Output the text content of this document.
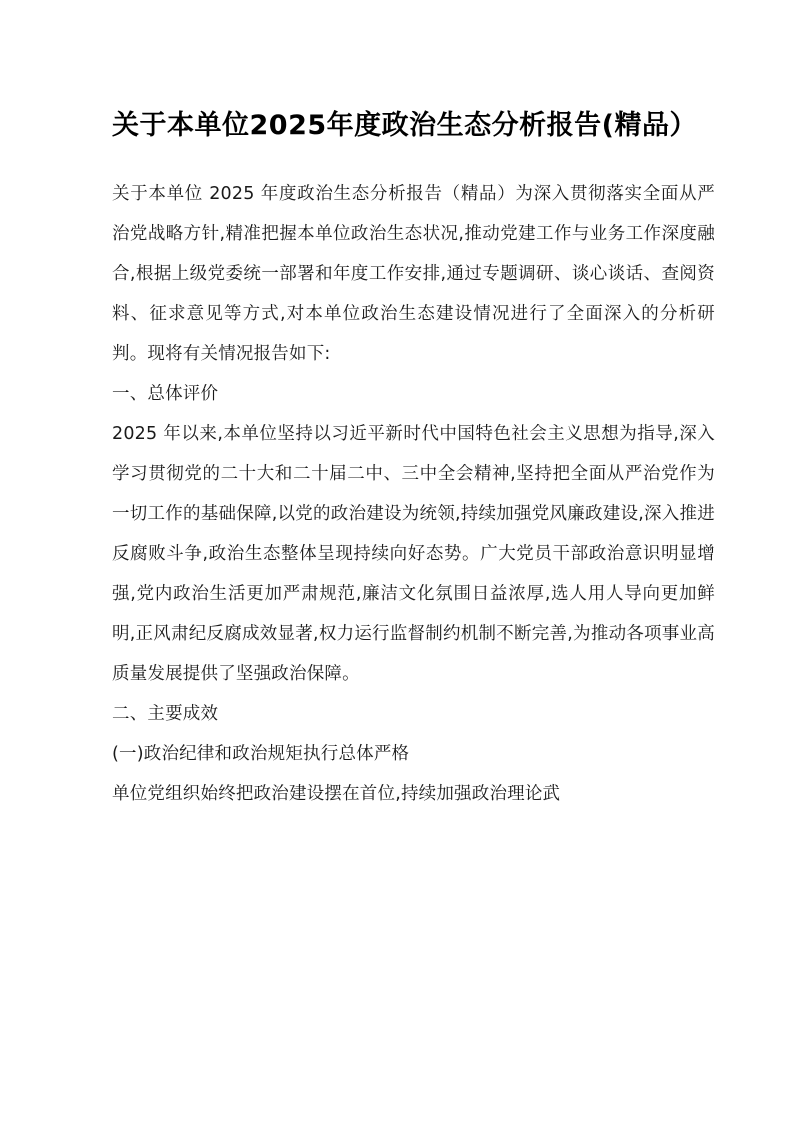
关于本单位2025年度政治生态分析报告(精品）

关于本单位 2025 年度政治生态分析报告（精品）为深入贯彻落实全面从严治党战略方针,精准把握本单位政治生态状况,推动党建工作与业务工作深度融合,根据上级党委统一部署和年度工作安排,通过专题调研、谈心谈话、查阅资料、征求意见等方式,对本单位政治生态建设情况进行了全面深入的分析研判。现将有关情况报告如下:

一、总体评价

2025 年以来,本单位坚持以习近平新时代中国特色社会主义思想为指导,深入学习贯彻党的二十大和二十届二中、三中全会精神,坚持把全面从严治党作为一切工作的基础保障,以党的政治建设为统领,持续加强党风廉政建设,深入推进反腐败斗争,政治生态整体呈现持续向好态势。广大党员干部政治意识明显增强,党内政治生活更加严肃规范,廉洁文化氛围日益浓厚,选人用人导向更加鲜明,正风肃纪反腐成效显著,权力运行监督制约机制不断完善,为推动各项事业高质量发展提供了坚强政治保障。

二、主要成效

(一)政治纪律和政治规矩执行总体严格

单位党组织始终把政治建设摆在首位,持续加强政治理论武
